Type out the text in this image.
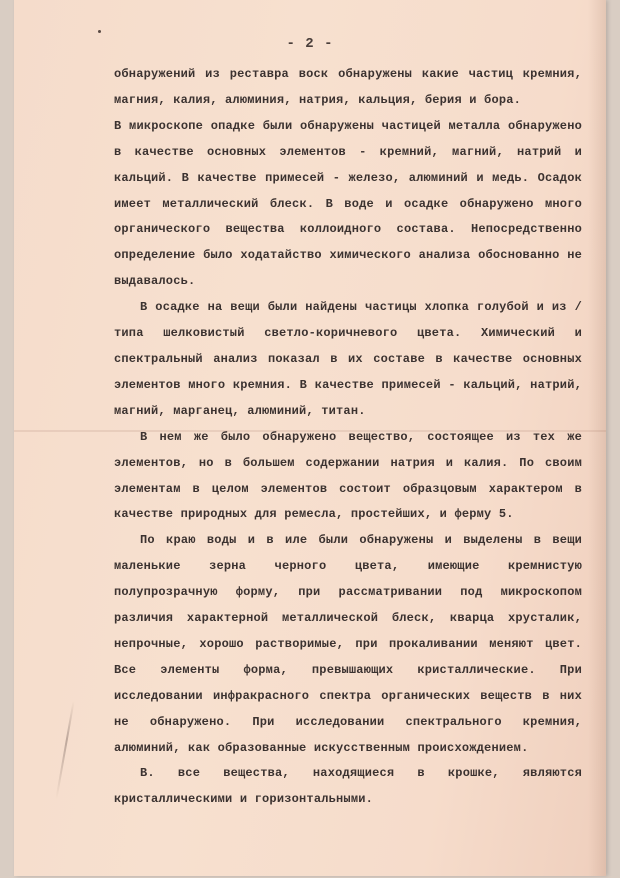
- 2 -

обнаружений из реставра воск обнаружены какие частиц кремния, магния, калия, алюминия, натрия, кальция, берия и бора.

В микроскопе опадке были обнаружены частицей металла обнаружено в качестве основных элементов - кремний, магний, натрий и кальций. В качестве примесей - железо, алюминий и медь. Осадок имеет металлический блеск. В воде и осадке обнаружено много органического вещества коллоидного состава. Непосредственно определение было ходатайство химического анализа обоснованно не выдавалось.

В осадке на вещи были найдены частицы хлопка голубой и из /типа шелковистый светло-коричневого цвета. Химический и спектральный анализ показал в их составе в качестве основных элементов много кремния. В качестве примесей - кальций, натрий, магний, марганец, алюминий, титан.

В нем же было обнаружено вещество, состоящее из тех же элементов, но в большем содержании натрия и калия. По своим элементам в целом элементов состоит образцовым характером в качестве природных для ремесла, простейших, и ферму 5.

По краю воды и в иле были обнаружены и выделены в вещи маленькие зерна черного цвета, имеющие кремнистую полупрозрачную форму, при рассматривании под микроскопом различия характерной металлической блеск, кварца хрусталик, непрочные, хорошо растворимые, при прокаливании меняют цвет. Все элементы форма, превышающих кристаллические. При исследовании инфракрасного спектра органических веществ в них не обнаружено. При исследовании спектрального кремния, алюминий, как образованные искусственным происхождением.

В. все вещества, находящиеся в крошке, являются кристаллическими и горизонтальными.
